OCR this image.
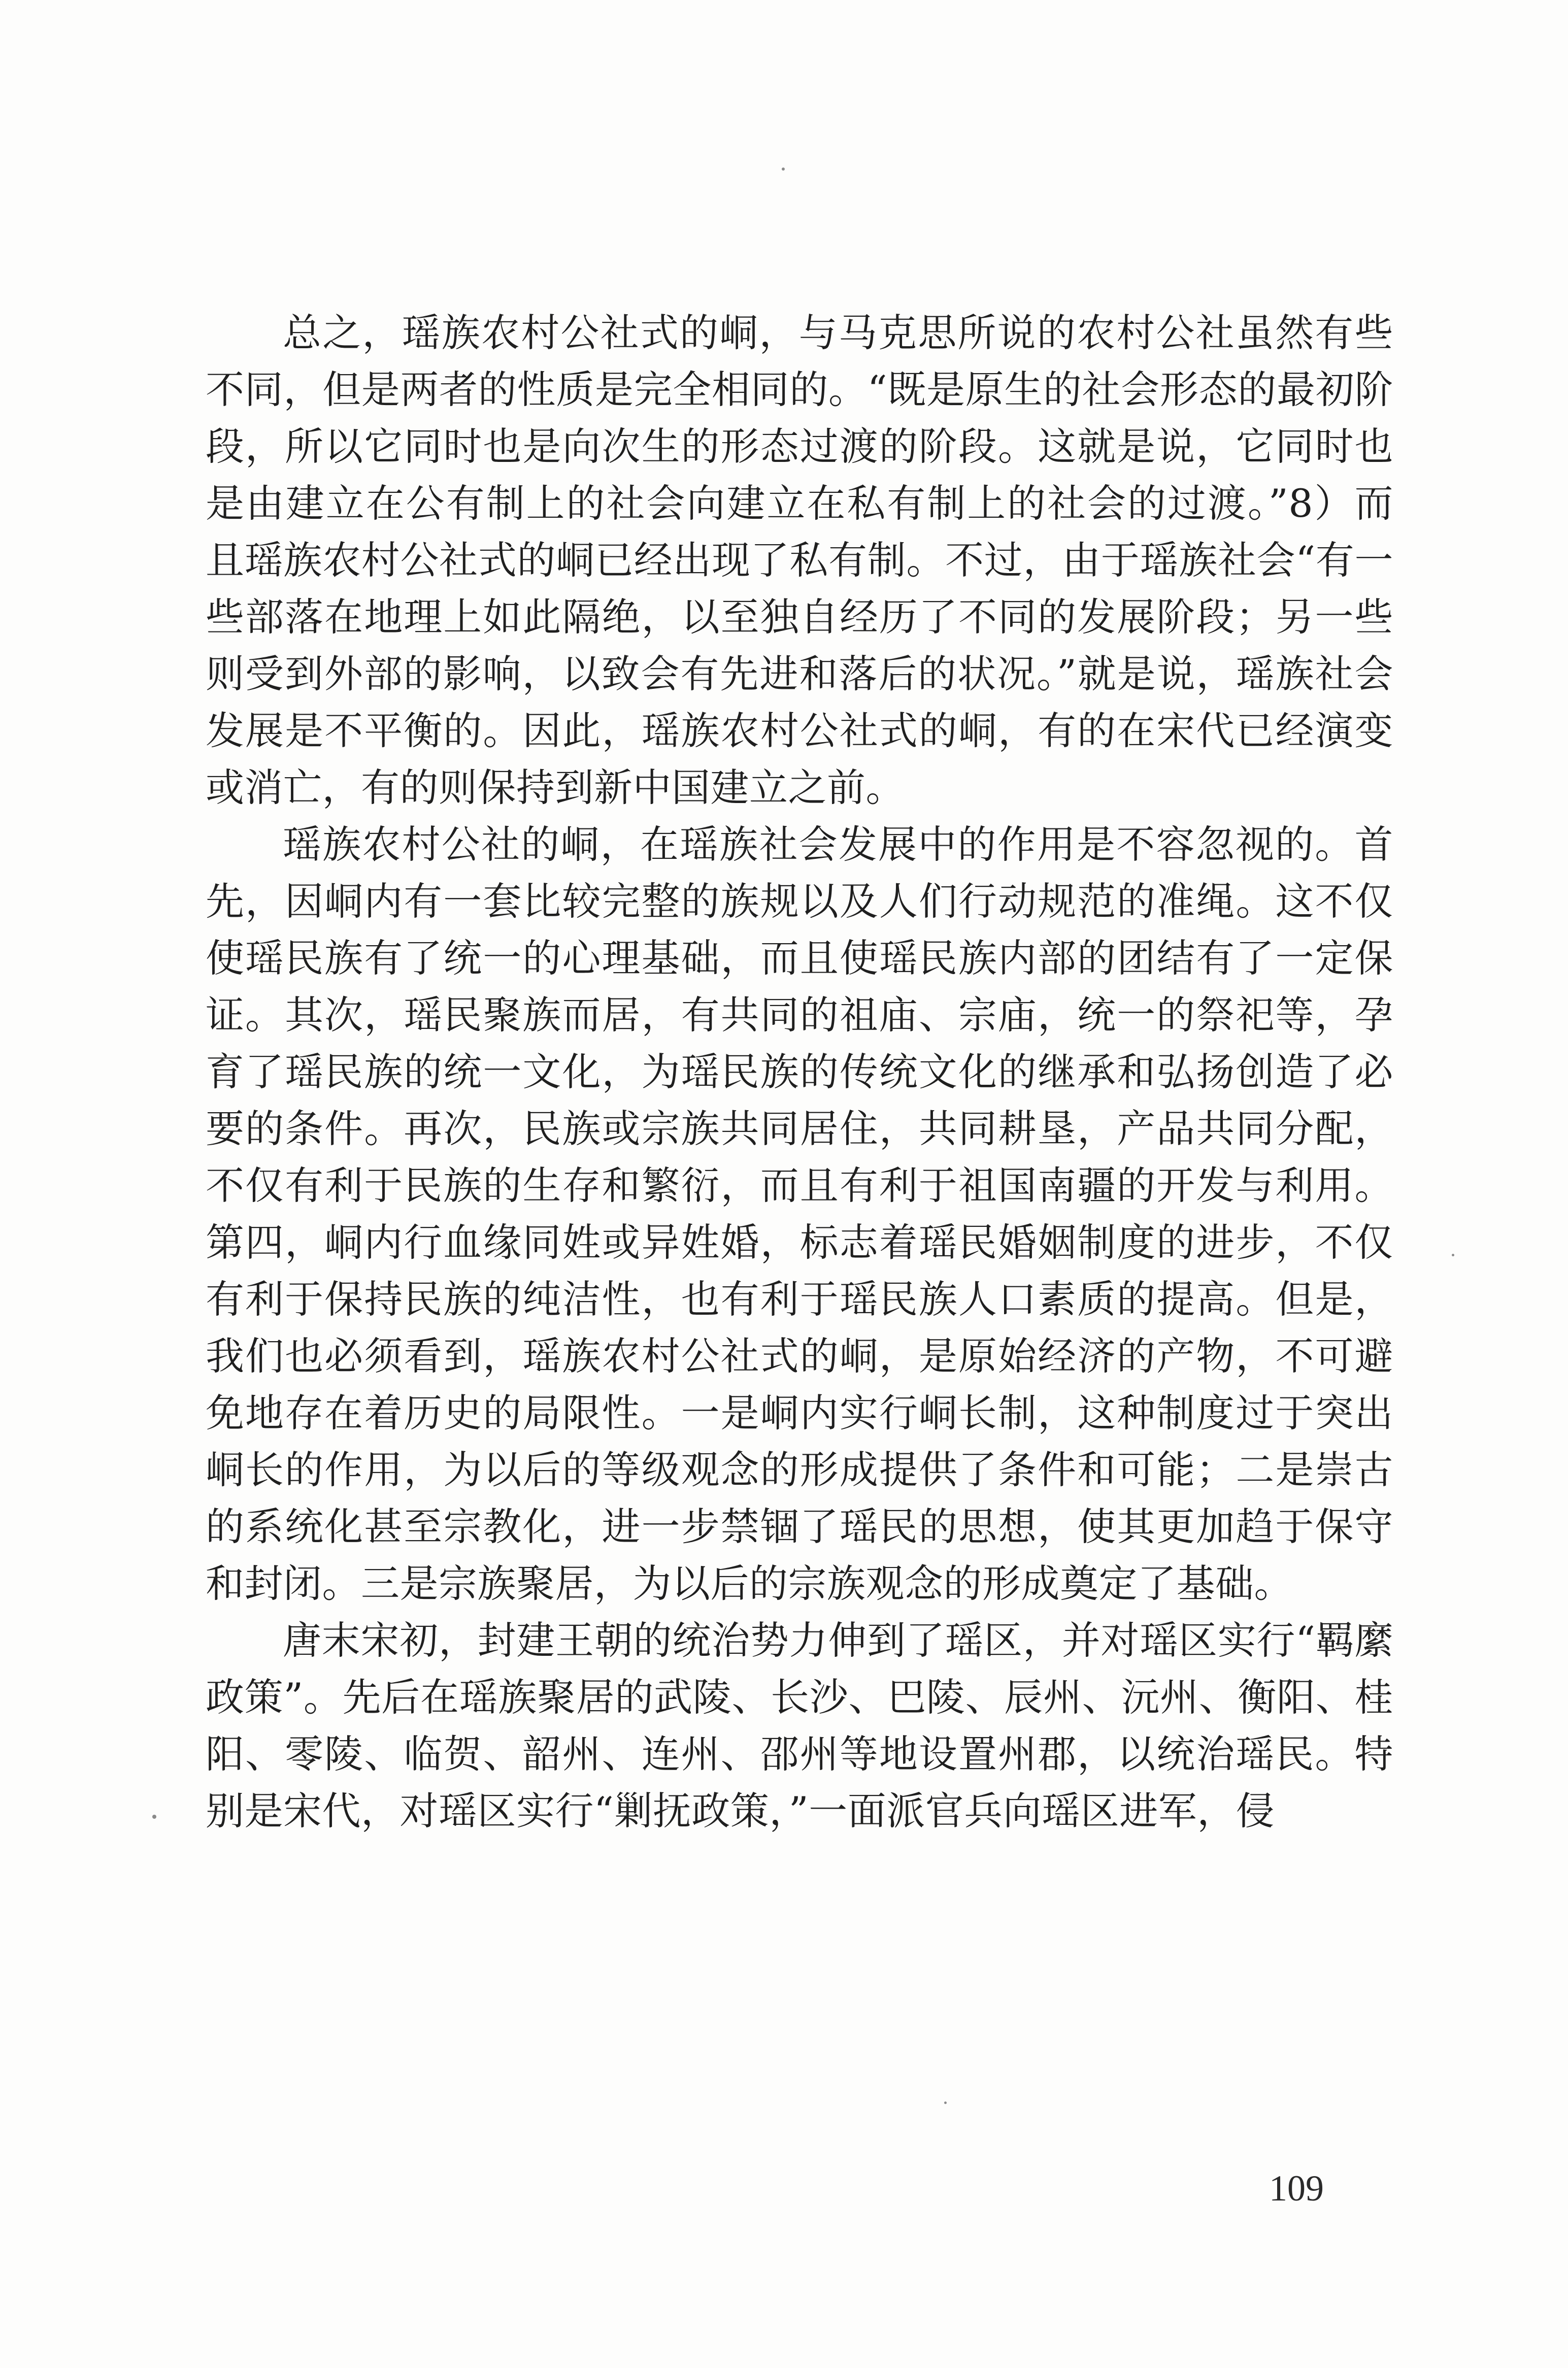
总之，瑶族农村公社式的峒，与马克思所说的农村公社虽然有些不同，但是两者的性质是完全相同的。“既是原生的社会形态的最初阶段，所以它同时也是向次生的形态过渡的阶段。这就是说，它同时也是由建立在公有制上的社会向建立在私有制上的社会的过渡。”8）而且瑶族农村公社式的峒已经出现了私有制。不过，由于瑶族社会“有一些部落在地理上如此隔绝，以至独自经历了不同的发展阶段；另一些则受到外部的影响，以致会有先进和落后的状况。”就是说，瑶族社会发展是不平衡的。因此，瑶族农村公社式的峒，有的在宋代已经演变或消亡，有的则保持到新中国建立之前。

瑶族农村公社的峒，在瑶族社会发展中的作用是不容忽视的。首先，因峒内有一套比较完整的族规以及人们行动规范的准绳。这不仅使瑶民族有了统一的心理基础，而且使瑶民族内部的团结有了一定保证。其次，瑶民聚族而居，有共同的祖庙、宗庙，统一的祭祀等，孕育了瑶民族的统一文化，为瑶民族的传统文化的继承和弘扬创造了必要的条件。再次，民族或宗族共同居住，共同耕垦，产品共同分配，不仅有利于民族的生存和繁衍，而且有利于祖国南疆的开发与利用。第四，峒内行血缘同姓或异姓婚，标志着瑶民婚姻制度的进步，不仅有利于保持民族的纯洁性，也有利于瑶民族人口素质的提高。但是，我们也必须看到，瑶族农村公社式的峒，是原始经济的产物，不可避免地存在着历史的局限性。一是峒内实行峒长制，这种制度过于突出峒长的作用，为以后的等级观念的形成提供了条件和可能；二是崇古的系统化甚至宗教化，进一步禁锢了瑶民的思想，使其更加趋于保守和封闭。三是宗族聚居，为以后的宗族观念的形成奠定了基础。

唐末宋初，封建王朝的统治势力伸到了瑶区，并对瑶区实行“羁縻政策”。先后在瑶族聚居的武陵、长沙、巴陵、辰州、沅州、衡阳、桂阳、零陵、临贺、韶州、连州、邵州等地设置州郡，以统治瑶民。特别是宋代，对瑶区实行“剿抚政策，”一面派官兵向瑶区进军，侵

109
